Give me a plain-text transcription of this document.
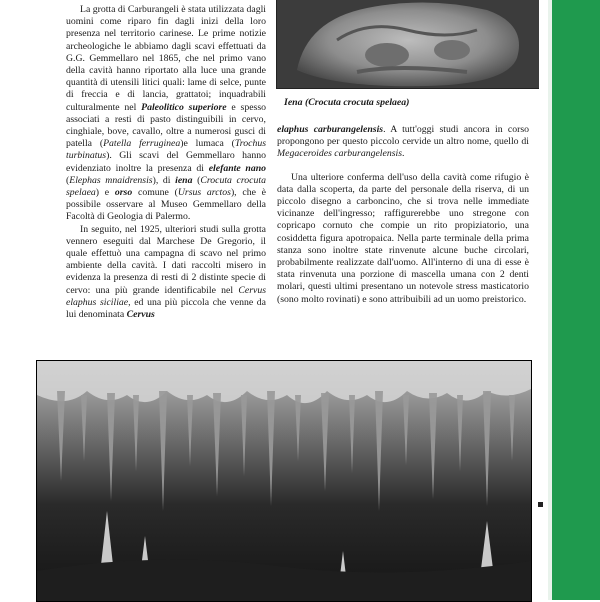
Iena (Crocuta crocuta spelaea)

La grotta di Carburangeli è stata utilizzata dagli uomini come riparo fin dagli inizi della loro presenza nel territorio carinese. Le prime notizie archeologiche le abbiamo dagli scavi effettuati da G.G. Gemmellaro nel 1865, che nel primo vano della cavità hanno riportato alla luce una grande quantità di utensili litici quali: lame di selce, punte di freccia e di lancia, grattatoi; inquadrabili culturalmente nel Paleolitico superiore e spesso associati a resti di pasto distinguibili in cervo, cinghiale, bove, cavallo, oltre a numerosi gusci di patella (Patella ferruginea)e lumaca (Trochus turbinatus). Gli scavi del Gemmellaro hanno evidenziato inoltre la presenza di elefante nano (Elephas mnaidrensis), di iena (Crocuta crocuta spelaea) e orso comune (Ursus arctos), che è possibile osservare al Museo Gemmellaro della Facoltà di Geologia di Palermo.

In seguito, nel 1925, ulteriori studi sulla grotta vennero eseguiti dal Marchese De Gregorio, il quale effettuò una campagna di scavo nel primo ambiente della cavità. I dati raccolti misero in evidenza la presenza di resti di 2 distinte specie di cervo: una più grande identificabile nel Cervus elaphus siciliae, ed una più piccola che venne da lui denominata Cervus

elaphus carburangelensis. A tutt'oggi studi ancora in corso propongono per questo piccolo cervide un altro nome, quello di Megaceroides carburangelensis.

Una ulteriore conferma dell'uso della cavità come rifugio è data dalla scoperta, da parte del personale della riserva, di un piccolo disegno a carboncino, che si trova nelle immediate vicinanze dell'ingresso; raffigurerebbe uno stregone con copricapo cornuto che compie un rito propiziatorio, una cosiddetta figura apotropaica. Nella parte terminale della prima stanza sono inoltre state rinvenute alcune buche circolari, probabilmente realizzate dall'uomo. All'interno di una di esse è stata rinvenuta una porzione di mascella umana con 2 denti molari, questi ultimi presentano un notevole stress masticatorio (sono molto rovinati) e sono attribuibili ad un uomo preistorico.
